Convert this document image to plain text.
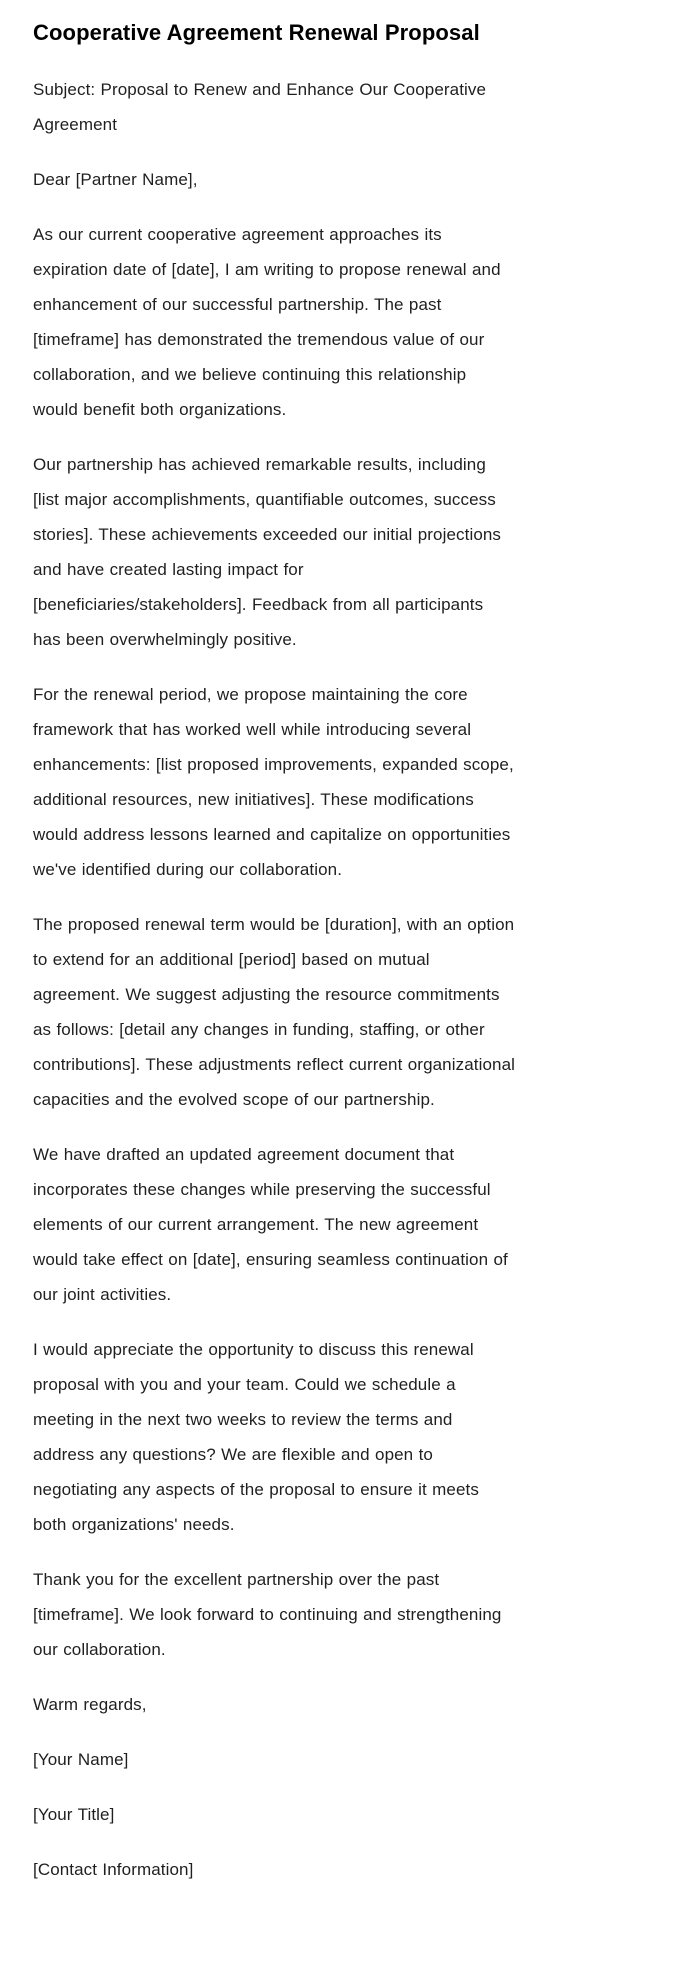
Cooperative Agreement Renewal Proposal

Subject: Proposal to Renew and Enhance Our Cooperative Agreement

Dear [Partner Name],

As our current cooperative agreement approaches its expiration date of [date], I am writing to propose renewal and enhancement of our successful partnership. The past [timeframe] has demonstrated the tremendous value of our collaboration, and we believe continuing this relationship would benefit both organizations.

Our partnership has achieved remarkable results, including [list major accomplishments, quantifiable outcomes, success stories]. These achievements exceeded our initial projections and have created lasting impact for [beneficiaries/stakeholders]. Feedback from all participants has been overwhelmingly positive.

For the renewal period, we propose maintaining the core framework that has worked well while introducing several enhancements: [list proposed improvements, expanded scope, additional resources, new initiatives]. These modifications would address lessons learned and capitalize on opportunities we've identified during our collaboration.

The proposed renewal term would be [duration], with an option to extend for an additional [period] based on mutual agreement. We suggest adjusting the resource commitments as follows: [detail any changes in funding, staffing, or other contributions]. These adjustments reflect current organizational capacities and the evolved scope of our partnership.

We have drafted an updated agreement document that incorporates these changes while preserving the successful elements of our current arrangement. The new agreement would take effect on [date], ensuring seamless continuation of our joint activities.

I would appreciate the opportunity to discuss this renewal proposal with you and your team. Could we schedule a meeting in the next two weeks to review the terms and address any questions? We are flexible and open to negotiating any aspects of the proposal to ensure it meets both organizations' needs.

Thank you for the excellent partnership over the past [timeframe]. We look forward to continuing and strengthening our collaboration.

Warm regards,

[Your Name]

[Your Title]

[Contact Information]
